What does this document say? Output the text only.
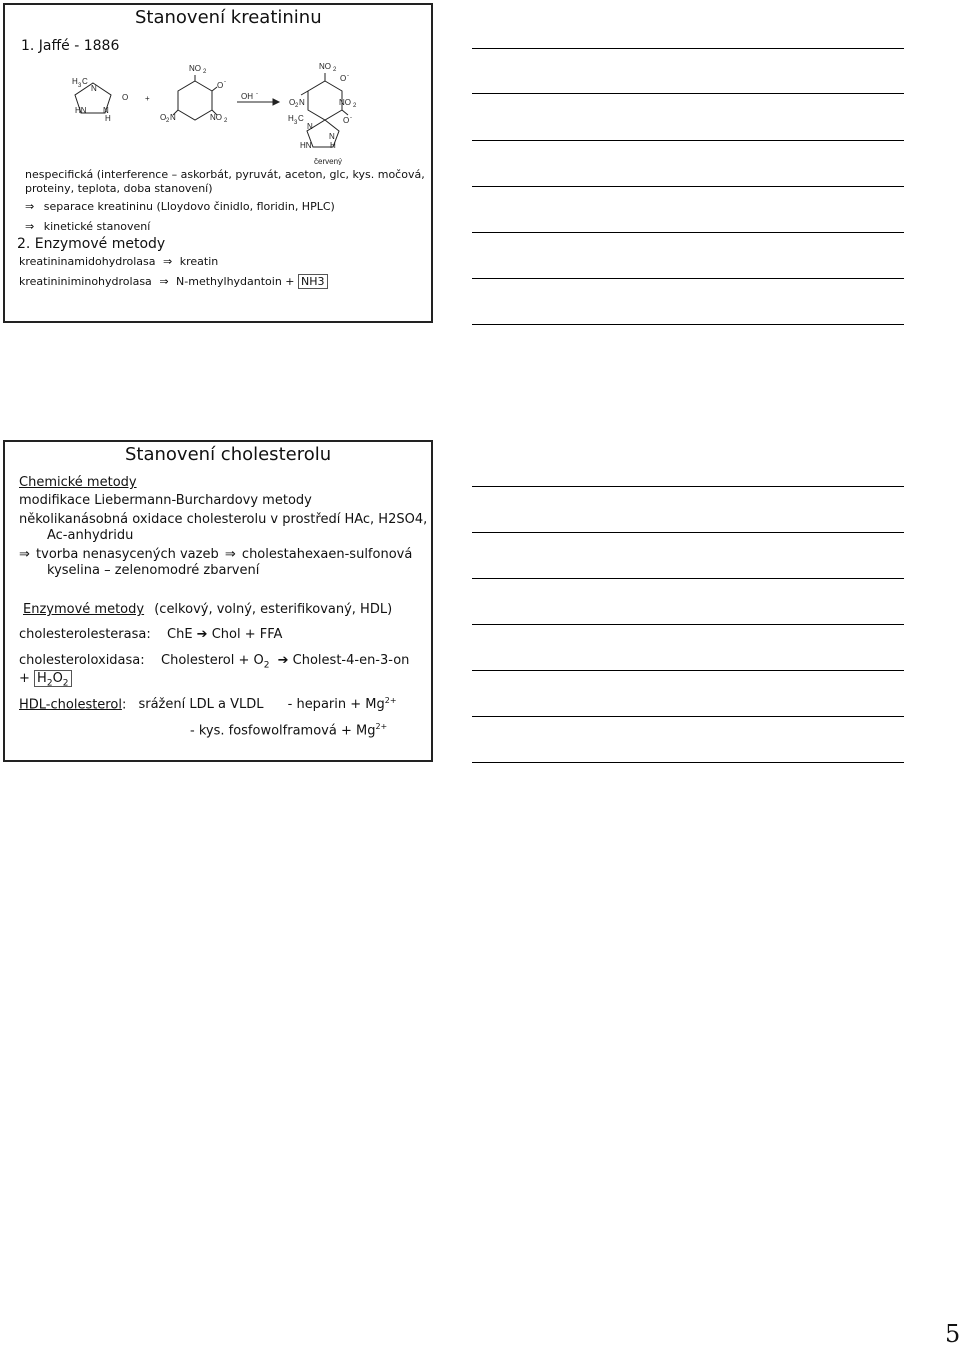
Stanovení kreatininu
1. Jaffé - 1886
H 3 C
N
O
HN N
H
+
NO 2
O -
O 2 N	NO 2
OH -
NO 2
O -
O 2 N	NO 2
O -
H 3 C
N
HN
N
H
červený
nespecifická (interference – askorbát, pyruvát, aceton, glc, kys. močová,
proteiny, teplota, doba stanovení)
⇒ separace kreatininu (Lloydovo činidlo, floridin, HPLC)
⇒ kinetické stanovení
2. Enzymové metody
kreatininamidohydrolasa ⇒ kreatin
kreatininiminohydrolasa ⇒ N-methylhydantoin + NH3
Stanovení cholesterolu
Chemické metody
modifikace Liebermann-Burchardovy metody
několikanásobná oxidace cholesterolu v prostředí HAc, H2SO4,
Ac-anhydridu
⇒ tvorba nenasycených vazeb ⇒ cholestahexaen-sulfonová
kyselina – zelenomodré zbarvení
Enzymové metody (celkový, volný, esterifikovaný, HDL)
cholesterolesterasa: ChE ➔ Chol + FFA
cholesteroloxidasa: Cholesterol + $O_2$ ➔ Cholest-4-en-3-on
+ $H_2O_2$
HDL-cholesterol: srážení LDL a VLDL - heparin + $Mg^{2+}$
- kys. fosfowolframová + $Mg^{2+}$
5
